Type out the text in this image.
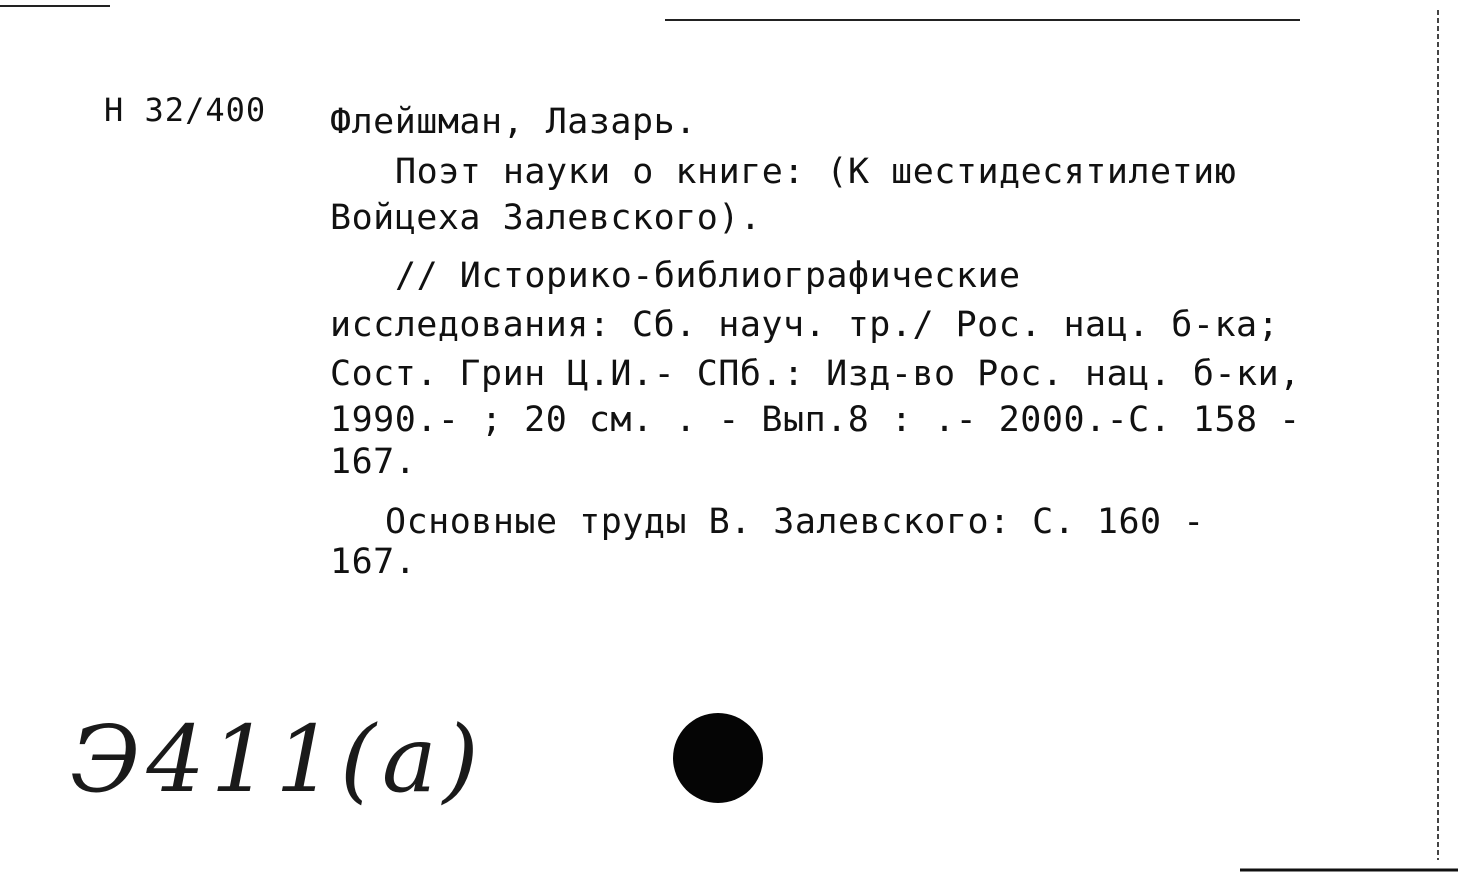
Н 32/400 Флейшман, Лазарь.
Поэт науки о книге: (К шестидесятилетию
Войцеха Залевского).
// Историко-библиографические
исследования: Сб. науч. тр./ Рос. нац. б-ка;
Сост. Грин Ц.И.- СПб.: Изд-во Рос. нац. б-ки,
1990.- ; 20 см. . - Вып.8 : .- 2000.-С. 158 -
167.
Основные труды В. Залевского: С. 160 -
167.
Э411(а)
